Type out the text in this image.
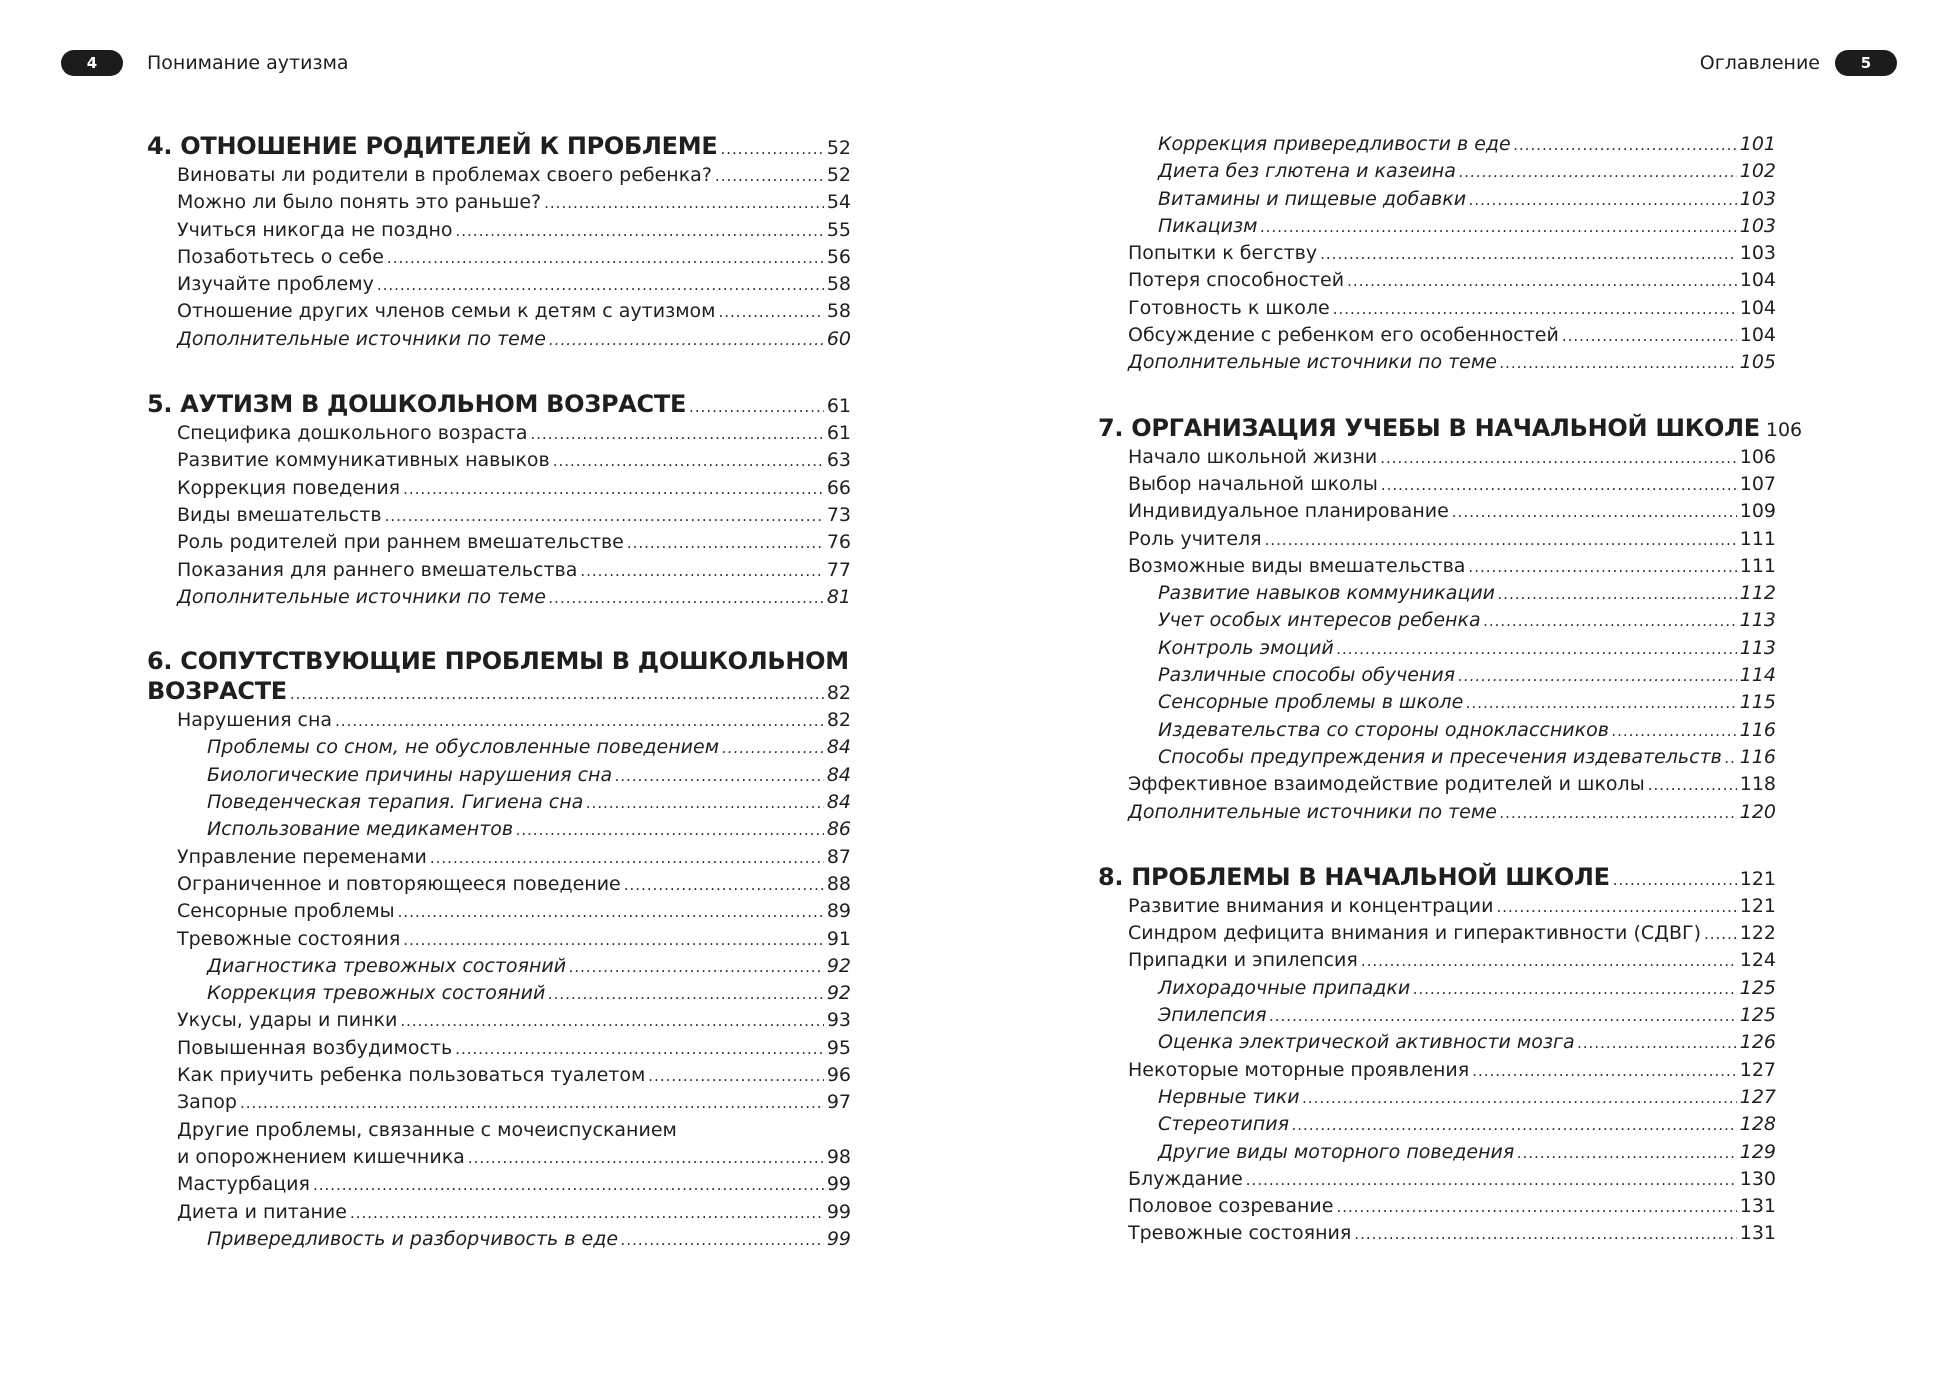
4	Понимание аутизма
4. ОТНОШЕНИЕ РОДИТЕЛЕЙ К ПРОБЛЕМЕ .....	52
Виноваты ли родители в проблемах своего ребенка? .....	52
Можно ли было понять это раньше? .....	54
Учиться никогда не поздно .....	55
Позаботьтесь о себе .....	56
Изучайте проблему .....	58
Отношение других членов семьи к детям с аутизмом .....	58
Дополнительные источники по теме .....	60
5. АУТИЗМ В ДОШКОЛЬНОМ ВОЗРАСТЕ .....	61
Специфика дошкольного возраста .....	61
Развитие коммуникативных навыков .....	63
Коррекция поведения .....	66
Виды вмешательств .....	73
Роль родителей при раннем вмешательстве .....	76
Показания для раннего вмешательства .....	77
Дополнительные источники по теме .....	81
6. СОПУТСТВУЮЩИЕ ПРОБЛЕМЫ В ДОШКОЛЬНОМ
ВОЗРАСТЕ .....	82
Нарушения сна .....	82
Проблемы со сном, не обусловленные поведением .....	84
Биологические причины нарушения сна .....	84
Поведенческая терапия. Гигиена сна .....	84
Использование медикаментов .....	86
Управление переменами .....	87
Ограниченное и повторяющееся поведение .....	88
Сенсорные проблемы .....	89
Тревожные состояния .....	91
Диагностика тревожных состояний .....	92
Коррекция тревожных состояний .....	92
Укусы, удары и пинки .....	93
Повышенная возбудимость .....	95
Как приучить ребенка пользоваться туалетом .....	96
Запор .....	97
Другие проблемы, связанные с мочеиспусканием
и опорожнением кишечника .....	98
Мастурбация .....	99
Диета и питание .....	99
Привередливость и разборчивость в еде .....	99
5
Оглавление
Коррекция привередливости в еде .....	101
Диета без глютена и казеина .....	102
Витамины и пищевые добавки .....	103
Пикацизм .....	103
Попытки к бегству .....	103
Потеря способностей .....	104
Готовность к школе .....	104
Обсуждение с ребенком его особенностей .....	104
Дополнительные источники по теме .....	105
7. ОРГАНИЗАЦИЯ УЧЕБЫ В НАЧАЛЬНОЙ ШКОЛЕ 106
Начало школьной жизни .....	106
Выбор начальной школы .....	107
Индивидуальное планирование .....	109
Роль учителя .....	111
Возможные виды вмешательства .....	111
Развитие навыков коммуникации .....	112
Учет особых интересов ребенка .....	113
Контроль эмоций .....	113
Различные способы обучения .....	114
Сенсорные проблемы в школе .....	115
Издевательства со стороны одноклассников .....	116
Способы предупреждения и пресечения издевательств ..... 116
Эффективное взаимодействие родителей и школы .....	118
Дополнительные источники по теме .....	120
8. ПРОБЛЕМЫ В НАЧАЛЬНОЙ ШКОЛЕ .....	121
Развитие внимания и концентрации .....	121
Синдром дефицита внимания и гиперактивности (СДВГ) ..... 122
Припадки и эпилепсия .....	124
Лихорадочные припадки .....	125
Эпилепсия .....	125
Оценка электрической активности мозга .....	126
Некоторые моторные проявления .....	127
Нервные тики .....	127
Стереотипия .....	128
Другие виды моторного поведения .....	129
Блуждание .....	130
Половое созревание .....	131
Тревожные состояния .....	131
